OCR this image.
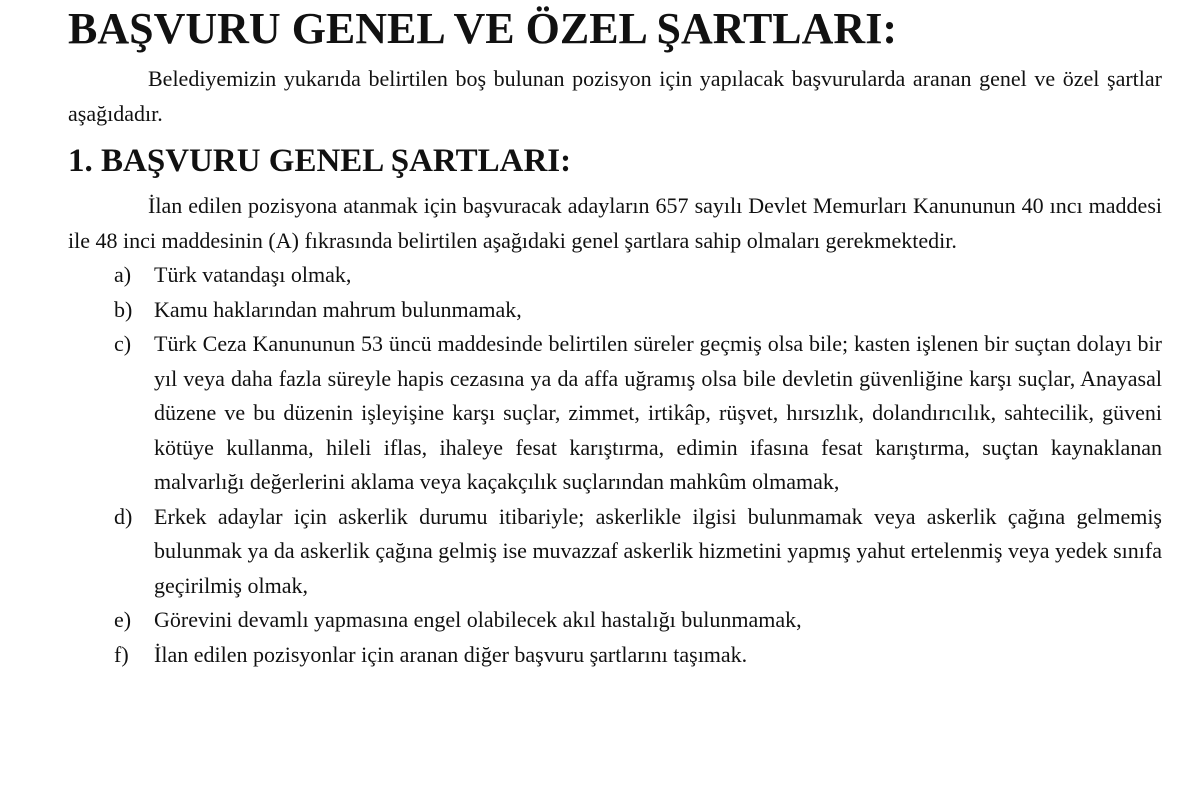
BAŞVURU GENEL VE ÖZEL ŞARTLARI:

Belediyemizin yukarıda belirtilen boş bulunan pozisyon için yapılacak başvurularda aranan genel ve özel şartlar aşağıdadır.

1. BAŞVURU GENEL ŞARTLARI:

İlan edilen pozisyona atanmak için başvuracak adayların 657 sayılı Devlet Memurları Kanununun 40 ıncı maddesi ile 48 inci maddesinin (A) fıkrasında belirtilen aşağıdaki genel şartlara sahip olmaları gerekmektedir.

a)	Türk vatandaşı olmak,
b) Kamu haklarından mahrum bulunmamak,
c)	Türk Ceza Kanununun 53 üncü maddesinde belirtilen süreler geçmiş olsa bile; kasten işlenen bir suçtan dolayı bir yıl veya daha fazla süreyle hapis cezasına ya da affa uğramış olsa bile devletin güvenliğine karşı suçlar, Anayasal düzene ve bu düzenin işleyişine karşı suçlar, zimmet, irtikâp, rüşvet, hırsızlık, dolandırıcılık, sahtecilik, güveni kötüye kullanma, hileli iflas, ihaleye fesat karıştırma, edimin ifasına fesat karıştırma, suçtan kaynaklanan malvarlığı değerlerini aklama veya kaçakçılık suçlarından mahkûm olmamak,
d) Erkek adaylar için askerlik durumu itibariyle; askerlikle ilgisi bulunmamak veya askerlik çağına gelmemiş bulunmak ya da askerlik çağına gelmiş ise muvazzaf askerlik hizmetini yapmış yahut ertelenmiş veya yedek sınıfa geçirilmiş olmak,
e)	Görevini devamlı yapmasına engel olabilecek akıl hastalığı bulunmamak,
f)	İlan edilen pozisyonlar için aranan diğer başvuru şartlarını taşımak.
